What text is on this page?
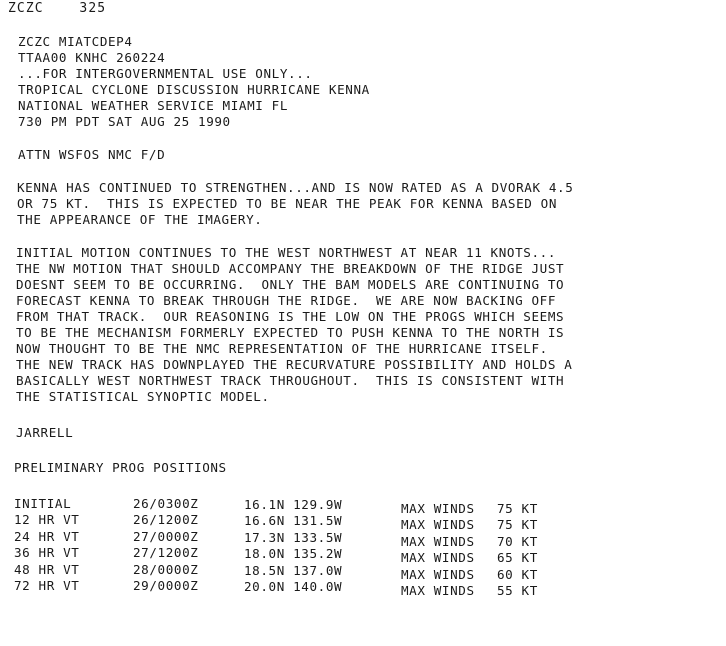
ZCZC    325
ZCZC MIATCDEP4
TTAA00 KNHC 260224
...FOR INTERGOVERNMENTAL USE ONLY...
TROPICAL CYCLONE DISCUSSION HURRICANE KENNA
NATIONAL WEATHER SERVICE MIAMI FL
730 PM PDT SAT AUG 25 1990
ATTN WSFOS NMC F/D
KENNA HAS CONTINUED TO STRENGTHEN...AND IS NOW RATED AS A DVORAK 4.5
OR 75 KT.  THIS IS EXPECTED TO BE NEAR THE PEAK FOR KENNA BASED ON
THE APPEARANCE OF THE IMAGERY.
INITIAL MOTION CONTINUES TO THE WEST NORTHWEST AT NEAR 11 KNOTS...
THE NW MOTION THAT SHOULD ACCOMPANY THE BREAKDOWN OF THE RIDGE JUST
DOESNT SEEM TO BE OCCURRING.  ONLY THE BAM MODELS ARE CONTINUING TO
FORECAST KENNA TO BREAK THROUGH THE RIDGE.  WE ARE NOW BACKING OFF
FROM THAT TRACK.  OUR REASONING IS THE LOW ON THE PROGS WHICH SEEMS
TO BE THE MECHANISM FORMERLY EXPECTED TO PUSH KENNA TO THE NORTH IS
NOW THOUGHT TO BE THE NMC REPRESENTATION OF THE HURRICANE ITSELF.
THE NEW TRACK HAS DOWNPLAYED THE RECURVATURE POSSIBILITY AND HOLDS A
BASICALLY WEST NORTHWEST TRACK THROUGHOUT.  THIS IS CONSISTENT WITH
THE STATISTICAL SYNOPTIC MODEL.
JARRELL
PRELIMINARY PROG POSITIONS
INITIAL	26/0300Z	16.1N 129.9W	MAX WINDS 75 KT
12 HR VT	26/1200Z	16.6N 131.5W	MAX WINDS 75 KT
24 HR VT	27/0000Z	17.3N 133.5W	MAX WINDS 70 KT
36 HR VT	27/1200Z	18.0N 135.2W	MAX WINDS 65 KT
48 HR VT	28/0000Z	18.5N 137.0W	MAX WINDS 60 KT
72 HR VT	29/0000Z	20.0N 140.0W	MAX WINDS 55 KT
